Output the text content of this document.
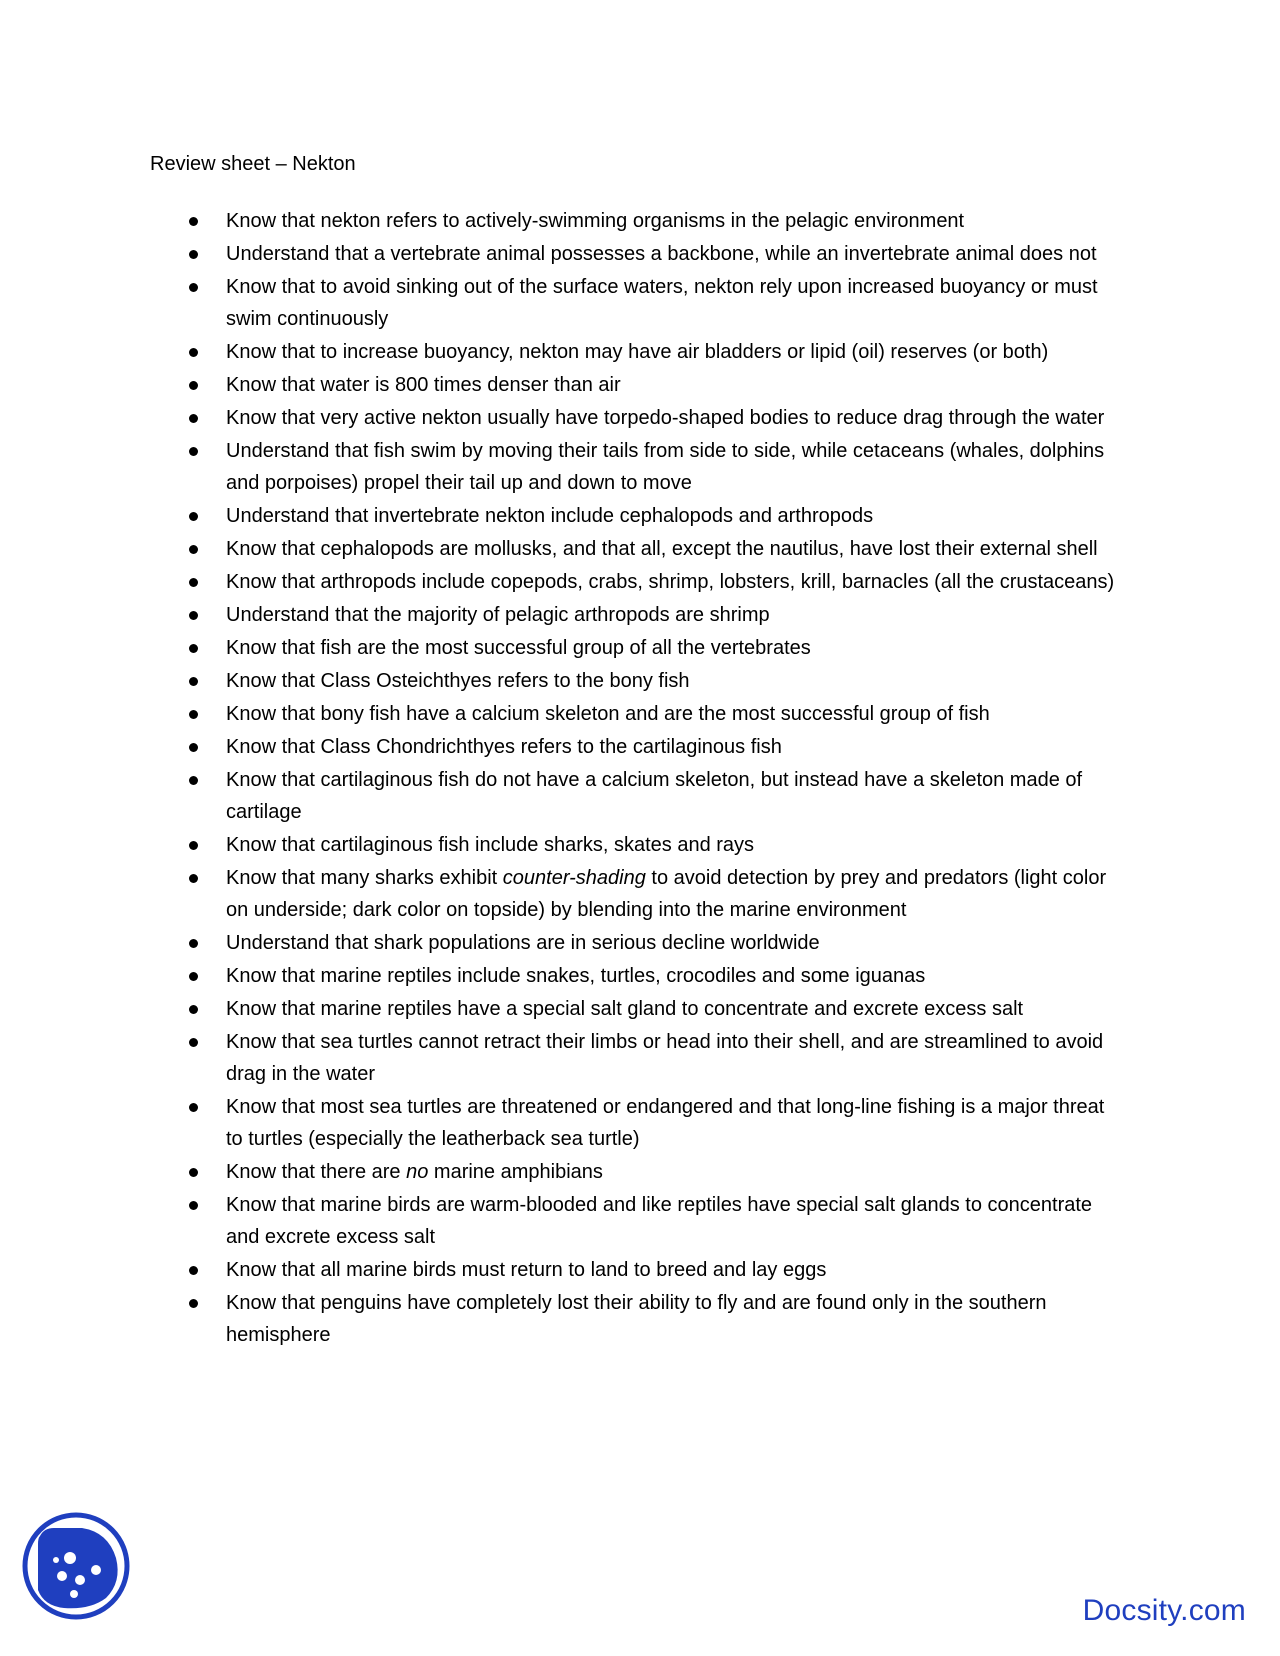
Review sheet – Nekton
Know that nekton refers to actively-swimming organisms in the pelagic environment
Understand that a vertebrate animal possesses a backbone, while an invertebrate animal does not
Know that to avoid sinking out of the surface waters, nekton rely upon increased buoyancy or must swim continuously
Know that to increase buoyancy, nekton may have air bladders or lipid (oil) reserves (or both)
Know that water is 800 times denser than air
Know that very active nekton usually have torpedo-shaped bodies to reduce drag through the water
Understand that fish swim by moving their tails from side to side, while cetaceans (whales, dolphins and porpoises) propel their tail up and down to move
Understand that invertebrate nekton include cephalopods and arthropods
Know that cephalopods are mollusks, and that all, except the nautilus, have lost their external shell
Know that arthropods include copepods, crabs, shrimp, lobsters, krill, barnacles (all the crustaceans)
Understand that the majority of pelagic arthropods are shrimp
Know that fish are the most successful group of all the vertebrates
Know that Class Osteichthyes refers to the bony fish
Know that bony fish have a calcium skeleton and are the most successful group of fish
Know that Class Chondrichthyes refers to the cartilaginous fish
Know that cartilaginous fish do not have a calcium skeleton, but instead have a skeleton made of cartilage
Know that cartilaginous fish include sharks, skates and rays
Know that many sharks exhibit counter-shading to avoid detection by prey and predators (light color on underside; dark color on topside) by blending into the marine environment
Understand that shark populations are in serious decline worldwide
Know that marine reptiles include snakes, turtles, crocodiles and some iguanas
Know that marine reptiles have a special salt gland to concentrate and excrete excess salt
Know that sea turtles cannot retract their limbs or head into their shell, and are streamlined to avoid drag in the water
Know that most sea turtles are threatened or endangered and that long-line fishing is a major threat to turtles (especially the leatherback sea turtle)
Know that there are no marine amphibians
Know that marine birds are warm-blooded and like reptiles have special salt glands to concentrate and excrete excess salt
Know that all marine birds must return to land to breed and lay eggs
Know that penguins have completely lost their ability to fly and are found only in the southern hemisphere
Docsity.com
